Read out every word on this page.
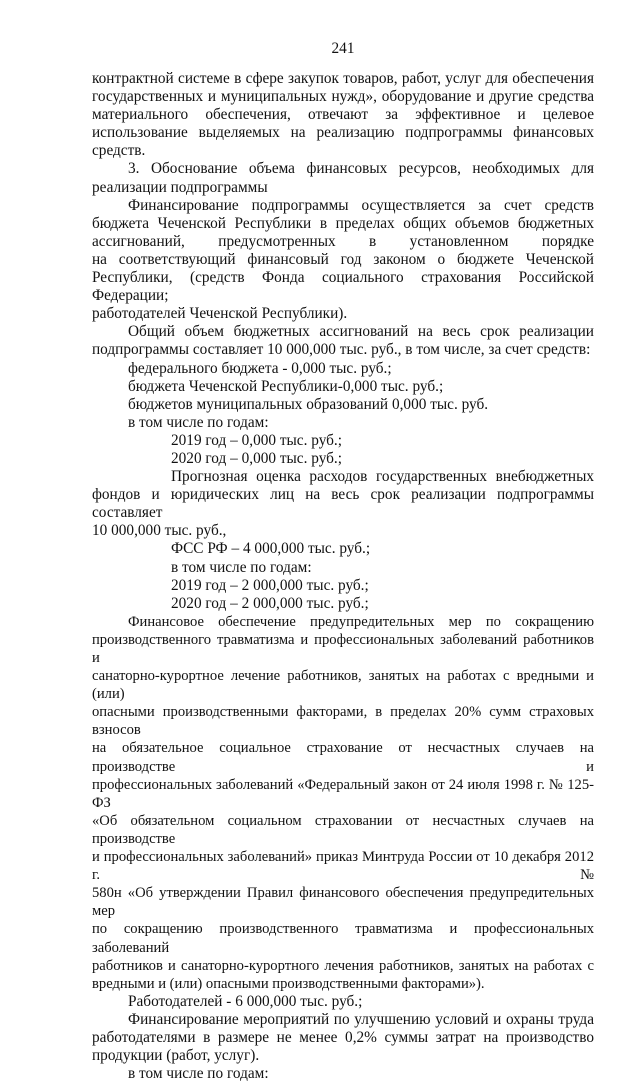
241
контрактной системе в сфере закупок товаров, работ, услуг для обеспечения
государственных и муниципальных нужд», оборудование и другие средства
материального обеспечения, отвечают за эффективное и целевое
использование выделяемых на реализацию подпрограммы финансовых
средств.
3. Обоснование объема финансовых ресурсов, необходимых для
реализации подпрограммы
Финансирование подпрограммы осуществляется за счет средств
бюджета Чеченской Республики в пределах общих объемов бюджетных
ассигнований, предусмотренных в установленном порядке
на соответствующий финансовый год законом о бюджете Чеченской
Республики, (средств Фонда социального страхования Российской Федерации;
работодателей Чеченской Республики).
Общий объем бюджетных ассигнований на весь срок реализации
подпрограммы составляет 10 000,000 тыс. руб., в том числе, за счет средств:
федерального бюджета - 0,000 тыс. руб.;
бюджета Чеченской Республики-0,000 тыс. руб.;
бюджетов муниципальных образований 0,000 тыс. руб.
в том числе по годам:
2019 год – 0,000 тыс. руб.;
2020 год – 0,000 тыс. руб.;
Прогнозная оценка расходов государственных внебюджетных
фондов и юридических лиц на весь срок реализации подпрограммы составляет
10 000,000 тыс. руб.,
ФСС РФ – 4 000,000 тыс. руб.;
в том числе по годам:
2019 год – 2 000,000 тыс. руб.;
2020 год – 2 000,000 тыс. руб.;
Финансовое обеспечение предупредительных мер по сокращению
производственного травматизма и профессиональных заболеваний работников и
санаторно-курортное лечение работников, занятых на работах с вредными и (или)
опасными производственными факторами, в пределах 20% сумм страховых взносов
на обязательное социальное страхование от несчастных случаев на производстве и
профессиональных заболеваний «Федеральный закон от 24 июля 1998 г. № 125-ФЗ
«Об обязательном социальном страховании от несчастных случаев на производстве
и профессиональных заболеваний» приказ Минтруда России от 10 декабря 2012 г. №
580н «Об утверждении Правил финансового обеспечения предупредительных мер
по сокращению производственного травматизма и профессиональных заболеваний
работников и санаторно-курортного лечения работников, занятых на работах с
вредными и (или) опасными производственными факторами»).
Работодателей - 6 000,000 тыс. руб.;
Финансирование мероприятий по улучшению условий и охраны труда
работодателями в размере не менее 0,2% суммы затрат на производство
продукции (работ, услуг).
в том числе по годам:
